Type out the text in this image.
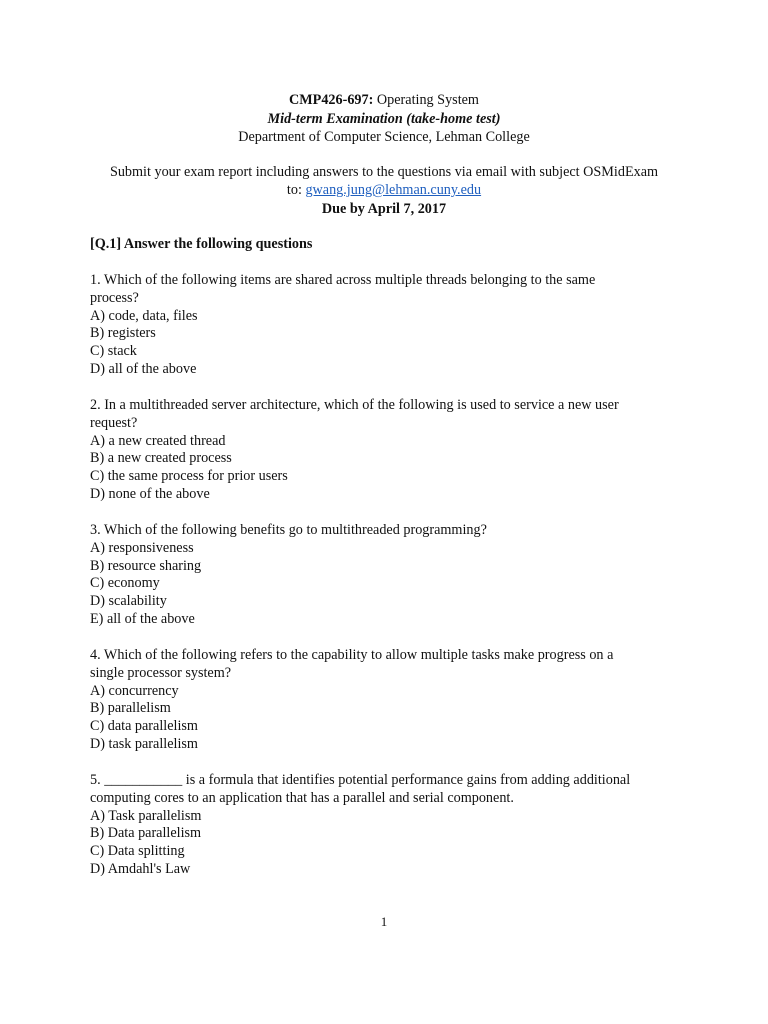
CMP426-697: Operating System
Mid-term Examination (take-home test)
Department of Computer Science, Lehman College
Submit your exam report including answers to the questions via email with subject OSMidExam
to: gwang.jung@lehman.cuny.edu
Due by April 7, 2017
[Q.1] Answer the following questions
1. Which of the following items are shared across multiple threads belonging to the same
process?
A) code, data, files
B) registers
C) stack
D) all of the above
2. In a multithreaded server architecture, which of the following is used to service a new user
request?
A) a new created thread
B) a new created process
C) the same process for prior users
D) none of the above
3. Which of the following benefits go to multithreaded programming?
A) responsiveness
B) resource sharing
C) economy
D) scalability
E) all of the above
4. Which of the following refers to the capability to allow multiple tasks make progress on a
single processor system?
A) concurrency
B) parallelism
C) data parallelism
D) task parallelism
5. ___________ is a formula that identifies potential performance gains from adding additional
computing cores to an application that has a parallel and serial component.
A) Task parallelism
B) Data parallelism
C) Data splitting
D) Amdahl's Law
1
